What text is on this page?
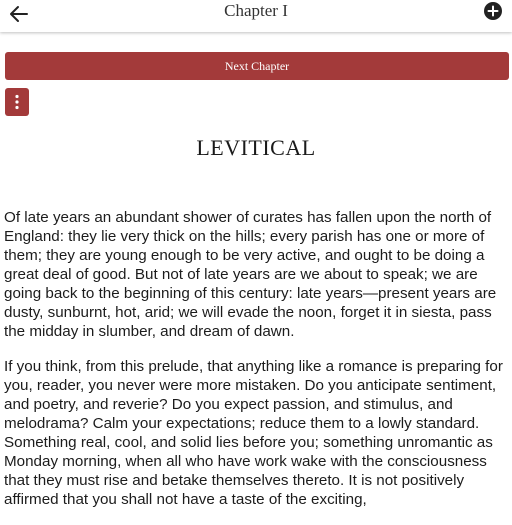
Chapter I
Next Chapter
LEVITICAL

Of late years an abundant shower of curates has fallen upon the north of England: they lie very thick on the hills; every parish has one or more of them; they are young enough to be very active, and ought to be doing a great deal of good. But not of late years are we about to speak; we are going back to the beginning of this century: late years—present years are dusty, sunburnt, hot, arid; we will evade the noon, forget it in siesta, pass the midday in slumber, and dream of dawn.

If you think, from this prelude, that anything like a romance is preparing for you, reader, you never were more mistaken. Do you anticipate sentiment, and poetry, and reverie? Do you expect passion, and stimulus, and melodrama? Calm your expectations; reduce them to a lowly standard. Something real, cool, and solid lies before you; something unromantic as Monday morning, when all who have work wake with the consciousness that they must rise and betake themselves thereto. It is not positively affirmed that you shall not have a taste of the exciting,
